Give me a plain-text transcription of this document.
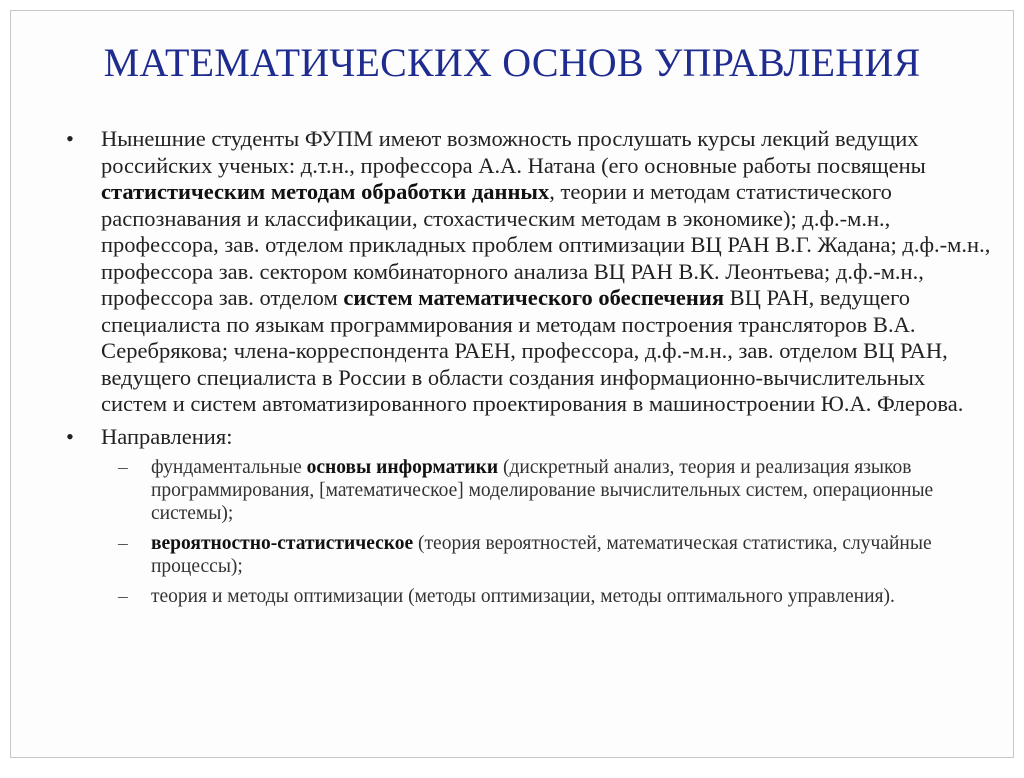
МАТЕМАТИЧЕСКИХ ОСНОВ УПРАВЛЕНИЯ

• Нынешние студенты ФУПМ имеют возможность прослушать курсы лекций ведущих российских ученых: д.т.н., профессора А.А. Натана (его основные работы посвящены статистическим методам обработки данных, теории и методам статистического распознавания и классификации, стохастическим методам в экономике); д.ф.-м.н., профессора, зав. отделом прикладных проблем оптимизации ВЦ РАН В.Г. Жадана; д.ф.-м.н., профессора зав. сектором комбинаторного анализа ВЦ РАН В.К. Леонтьева; д.ф.-м.н., профессора зав. отделом систем математического обеспечения ВЦ РАН, ведущего специалиста по языкам программирования и методам построения трансляторов В.А. Серебрякова; члена-корреспондента РАЕН, профессора, д.ф.-м.н., зав. отделом ВЦ РАН, ведущего специалиста в России в области создания информационно-вычислительных систем и систем автоматизированного проектирования в машиностроении Ю.А. Флерова.

• Направления:

– фундаментальные основы информатики (дискретный анализ, теория и реализация языков программирования, [математическое] моделирование вычислительных систем, операционные системы);

– вероятностно-статистическое (теория вероятностей, математическая статистика, случайные процессы);

– теория и методы оптимизации (методы оптимизации, методы оптимального управления).
